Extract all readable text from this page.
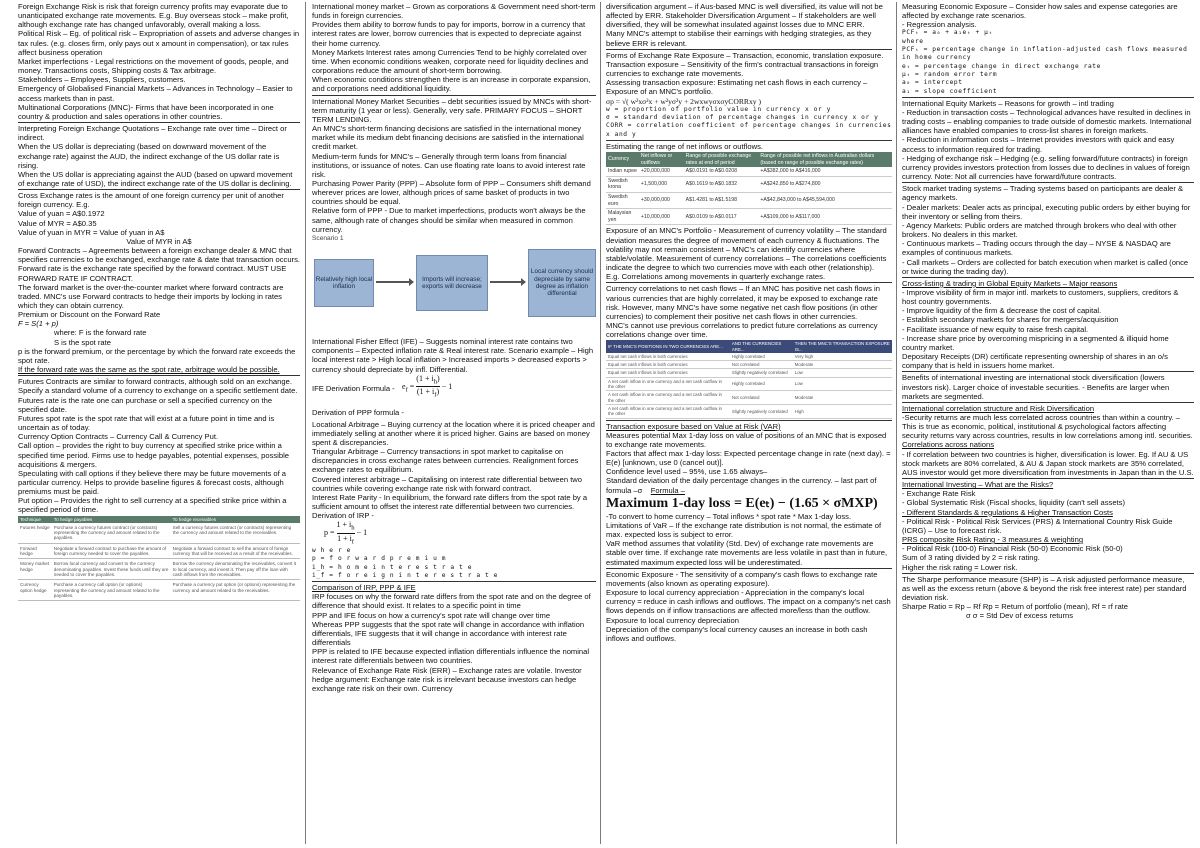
Foreign Exchange Risk is risk that foreign currency profits may evaporate due to unanticipated exchange rate movements. E.g. Buy overseas stock – make profit, although exchange rate has changed unfavorably, overall making a loss.

Political Risk – Eg. of political risk – Expropriation of assets and adverse changes in tax rules. (e.g. closes firm, only pays out x amount in compensation), or tax rules affect business operation

Market imperfections - Legal restrictions on the movement of goods, people, and money. Transactions costs, Shipping costs & Tax arbitrage.

Stakeholders – Employees, Suppliers, customers.

Emergency of Globalised Financial Markets – Advances in Technology – Easier to access markets than in past.

Multinational Corporations (MNC)- Firms that have been incorporated in one country & production and sales operations in other countries.

Interpreting Foreign Exchange Quotations – Exchange rate over time – Direct or indirect.

When the US dollar is depreciating (based on downward movement of the exchange rate) against the AUD, the indirect exchange of the US dollar rate is rising.

When the US dollar is appreciating against the AUD (based on upward movement of exchange rate of USD), the indirect exchange rate of the US dollar is declining.

Cross Exchange rates is the amount of one foreign currency per unit of another foreign currency. E.g.

Value of yuan = A$0.1972

Value of MYR = A$0.35

Value of yuan in MYR = Value of yuan in A$

Value of MYR in A$

Forward Contracts – Agreements between a foreign exchange dealer & MNC that specifies currencies to be exchanged, exchange rate & date that transaction occurs.

Forward rate is the exchange rate specified by the forward contract. MUST USE FORWARD RATE IF CONTRACT.

The forward market is the over-the-counter market where forward contracts are traded. MNC's use Forward contracts to hedge their imports by locking in rates which they can obtain currency.

Premium or Discount on the Forward Rate

F = S(1 + p)

where: F is the forward rate

S is the spot rate

p is the forward premium, or the percentage by which the forward rate exceeds the spot rate.

If the forward rate was the same as the spot rate, arbitrage would be possible.

Futures Contracts are similar to forward contracts, although sold on an exchange. Specify a standard volume of a currency to exchange on a specific settlement date.

Futures rate is the rate one can purchase or sell a specified currency on the specified date.

Futures spot rate is the spot rate that will exist at a future point in time and is uncertain as of today.

Currency Option Contracts – Currency Call & Currency Put.

Call option – provides the right to buy currency at specified strike price within a specified time period. Firms use to hedge payables, potential expenses, possible acquisitions & mergers.

Speculating with call options if they believe there may be future movements of a particular currency. Helps to provide baseline figures & forecast costs, although premiums must be paid.

Put option – Provides the right to sell currency at a specified strike price within a specified period of time.

Technique	To hedge payables	To hedge receivables
Futures hedge	Purchase a currency futures contract (or contracts) representing the currency and amount related to the payables.	Sell a currency futures contract (or contracts) representing the currency and amount related to the receivables.
Forward hedge	Negotiate a forward contract to purchase the amount of foreign currency needed to cover the payables.	Negotiate a forward contract to sell the amount of foreign currency that will be received as a result of the receivables.
Money market hedge	Borrow local currency and convert to the currency denominating payables. Invest these funds until they are needed to cover the payables.	Borrow the currency denominating the receivables, convert it to local currency, and invest it. Then pay off the loan with cash inflows from the receivables.
Currency option hedge	Purchase a currency call option (or options) representing the currency and amount related to the payables.	Purchase a currency put option (or options) representing the currency and amount related to the receivables.

International money market – Grown as corporations & Government need short-term funds in foreign currencies.

Provides them ability to borrow funds to pay for imports, borrow in a currency that interest rates are lower, borrow currencies that is expected to depreciate against their home currency.

Money Markets Interest rates among Currencies Tend to be highly correlated over time. When economic conditions weaken, corporate need for liquidity declines and corporations reduce the amount of short-term borrowing.

When economic conditions strengthen there is an increase in corporate expansion, and corporations need additional liquidity.

International Money Market Securities – debt securities issued by MNCs with short-term maturity (1 year or less). Generally, very safe. PRIMARY FOCUS – SHORT TERM LENDING.

An MNC's short-term financing decisions are satisfied in the international money market while its medium debt financing decisions are satisfied in the international credit market.

Medium-term funds for MNC's – Generally through term loans from financial institutions, or issuance of notes. Can use floating rate loans to avoid interest rate risk.

Purchasing Power Parity (PPP) – Absolute form of PPP – Consumers shift demand wherever prices are lower, although prices of same basket of products in two countries should be equal.

Relative form of PPP - Due to market imperfections, products won't always be the same, although rate of changes should be similar when measured in common currency.

Scenario 1

Relatively high local inflation
Imports will increase; exports will decrease
Local currency should depreciate by same degree as inflation differential

International Fisher Effect (IFE) – Suggests nominal interest rate contains two components – Expected inflation rate & Real interest rate. Scenario example – High local interest rate > High local inflation > Increased imports > decreased exports > currency should depreciate by infl. Differential.

$e_f = \frac{(1 + i_h)}{(1 + i_f)} - 1$

IFE Derivation Formula -

Derivation of PPP formula -

Locational Arbitrage – Buying currency at the location where it is priced cheaper and immediately selling at another where it is priced higher. Gains are based on money spent & discrepancies.

Triangular Arbitrage – Currency transactions in spot market to capitalise on discrepancies in cross exchange rates between currencies. Realignment forces exchange rates to equilibrium.

Covered interest arbitrage – Capitalising on interest rate differential between two countries while covering exchange rate risk with forward contract.

Interest Rate Parity - In equilibrium, the forward rate differs from the spot rate by a sufficient amount to offset the interest rate differential between two currencies. Derivation of IRP -

$p = \frac{1 + i_h}{1 + i_f} - 1$

w h e r e

p = f o r w a r d p r e m i u m

i_h = h o m e i n t e r e s t r a t e

i_f = f o r e i g n i n t e r e s t r a t e

Comparison of IRP, PPP & IFE

IRP focuses on why the forward rate differs from the spot rate and on the degree of difference that should exist. It relates to a specific point in time

PPP and IFE focus on how a currency's spot rate will change over time

Whereas PPP suggests that the spot rate will change in accordance with inflation differentials, IFE suggests that it will change in accordance with interest rate differentials

PPP is related to IFE because expected inflation differentials influence the nominal interest rate differentials between two countries.

Relevance of Exchange Rate Risk (ERR) – Exchange rates are volatile. Investor hedge argument: Exchange rate risk is irrelevant because investors can hedge exchange rate risk on their own. Currency

diversification argument – if Aus-based MNC is well diversified, its value will not be affected by ERR. Stakeholder Diversification Argument – If stakeholders are well diversified, they will be somewhat insulated against losses due to MNC ERR.

Many MNC's attempt to stabilise their earnings with hedging strategies, as they believe ERR is relevant.

Forms of Exchange Rate Exposure – Transaction, economic, translation exposure.

Transaction exposure – Sensitivity of the firm's contractual transactions in foreign currencies to exchange rate movements.

Assessing transaction exposure: Estimating net cash flows in each currency – Exposure of an MNC's portfolio.

σp = √( w²xσ²x + w²yσ²y + 2wxwyσxσyCORRxy )

w = proportion of portfolio value in currency x or y

σ = standard deviation of percentage changes in currency x or y

CORR = correlation coefficient of percentage changes in currencies x and y

Estimating the range of net inflows or outflows.

Currency	Net inflows or outflows	Range of possible exchange rates at end of period	Range of possible net inflows in Australian dollars (based on range of possible exchange rates)
Indian rupee	+20,000,000	A$0.0191 to A$0.0208	+A$382,000 to A$416,000
Swedish krona	+1,500,000	A$0.1619 to A$0.1832	+A$242,850 to A$274,800
Swedish euro	+30,000,000	A$1.4281 to A$1.5198	+A$42,843,000 to A$45,594,000
Malaysian yen	+10,000,000	A$0.0109 to A$0.0117	+A$109,000 to A$117,000

Exposure of an MNC's Portfolio - Measurement of currency volatility – The standard deviation measures the degree of movement of each currency & fluctuations. The volatility may not remain consistent – MNC's can identify currencies where stable/volatile. Measurement of currency correlations – The correlations coefficients indicate the degree to which two currencies move with each other (relationship).

E.g. Correlations among movements in quarterly exchange rates.

Currency correlations to net cash flows – If an MNC has positive net cash flows in various currencies that are highly correlated, it may be exposed to exchange rate risk. However, many MNC's have some negative net cash flow positions (in other currencies) to complement their positive net cash flows in other currencies.

MNC's cannot use previous correlations to predict future correlations as currency correlations change over time.

IF THE MNC'S POSITIONS IN TWO CURRENCIES ARE...	AND THE CURRENCIES ARE...	THEN THE MNC'S TRANSACTION EXPOSURE IS...
Equal net cash inflows in both currencies	Highly correlated	Very high
Equal net cash inflows in both currencies	Not correlated	Moderate
Equal net cash inflows in both currencies	Slightly negatively correlated	Low
A net cash inflow in one currency and a net cash outflow in the other	Highly correlated	Low
A net cash inflow in one currency and a net cash outflow in the other	Not correlated	Moderate
A net cash inflow in one currency and a net cash outflow in the other	Slightly negatively correlated	High

Transaction exposure based on Value at Risk (VAR)

Measures potential Max 1-day loss on value of positions of an MNC that is exposed to exchange rate movements.

Factors that affect max 1-day loss: Expected percentage change in rate (next day). = E(e) [unknown, use 0 (cancel out)].

Confidence level used – 95%, use 1.65 always–

Standard deviation of the daily percentage changes in the currency. – last part of formula –σ Formula –

Maximum 1-day loss = E(eₜ) − (1.65 × σMXP)

-To convert to home currency – Total inflows * spot rate * Max 1-day loss.

Limitations of VaR – If the exchange rate distribution is not normal, the estimate of max. expected loss is subject to error.

VaR method assumes that volatility (Std. Dev) of exchange rate movements are stable over time. If exchange rate movements are less volatile in past than in future, estimated maximum expected loss will be underestimated.

Economic Exposure - The sensitivity of a company's cash flows to exchange rate movements (also known as operating exposure).

Exposure to local currency appreciation - Appreciation in the company's local currency = reduce in cash inflows and outflows. The impact on a company's net cash flows depends on if inflow transactions are affected more/less than the outflow.

Exposure to local currency depreciation

Depreciation of the company's local currency causes an increase in both cash inflows and outflows.

Measuring Economic Exposure – Consider how sales and expense categories are affected by exchange rate scenarios.

- Regression analysis.

PCFₜ = a₀ + a₁eₜ + μₜ

where

PCFₜ = percentage change in inflation-adjusted cash flows measured in home currency

eₜ = percentage change in direct exchange rate

μₜ = random error term

a₀ = intercept

a₁ = slope coefficient

International Equity Markets – Reasons for growth – intl trading

- Reduction in transaction costs – Technological advances have resulted in declines in trading costs – enabling companies to trade outside of domestic markets. International alliances have enabled companies to cross-list shares in foreign markets.

- Reduction in information costs – Internet provides investors with quick and easy access to information required for trading.

- Hedging of exchange risk – Hedging (e.g. selling forward/future contracts) in foreign currency provides investors protection from losses due to declines in values of foreign currency. Note: Not all currencies have forward/future contracts.

Stock market trading systems – Trading systems based on participants are dealer & agency markets.

- Dealer markets: Dealer acts as principal, executing public orders by either buying for their inventory or selling from theirs.

- Agency Markets: Public orders are matched through brokers who deal with other brokers. No dealers in this market.

- Continuous markets – Trading occurs through the day – NYSE & NASDAQ are examples of continuous markets.

- Call markets – Orders are collected for batch execution when market is called (once or twice during the trading day).

Cross-listing & trading in Global Equity Markets – Major reasons

- Improve visibility of firm in major intl. markets to customers, suppliers, creditors & host country governments.

- Improve liquidity of the firm & decrease the cost of capital.

- Establish secondary markets for shares for mergers/acquisition

- Facilitate issuance of new equity to raise fresh capital.

- Increase share price by overcoming mispricing in a segmented & illiquid home country market.

Depositary Receipts (DR) certificate representing ownership of shares in an o/s company that is held in issuers home market.

Benefits of international investing are international stock diversification (lowers investors risk). Larger choice of investable securities. - Benefits are larger when markets are segmented.

International correlation structure and Risk Diversification

-Security returns are much less correlated across countries than within a country. – This is true as economic, political, institutional & psychological factors affecting security returns vary across countries, results in low correlations among intl. securities.

Correlations across nations

- If correlation between two countries is higher, diversification is lower. Eg. If AU & US stock markets are 80% correlated, & AU & Japan stock markets are 35% correlated, AUS investor would get more diversification from investments in Japan than in the U.S.

International Investing – What are the Risks?

- Exchange Rate Risk

- Global Systematic Risk (Fiscal shocks, liquidity (can't sell assets)

- Different Standards & regulations & Higher Transaction Costs

- Political Risk - Political Risk Services (PRS) & International Country Risk Guide (ICRG) – Use to forecast risk.

PRS composite Risk Rating - 3 measures & weighting

- Political Risk (100-0) Financial Risk (50-0) Economic Risk (50-0)

Sum of 3 rating divided by 2 = risk rating.

Higher the risk rating = Lower risk.

The Sharpe performance measure (SHP) is – A risk adjusted performance measure, as well as the excess return (above & beyond the risk free interest rate) per standard deviation risk.

Sharpe Ratio = Rp – Rf Rp = Return of portfolio (mean), Rf = rf rate

σ σ = Std Dev of excess returns
